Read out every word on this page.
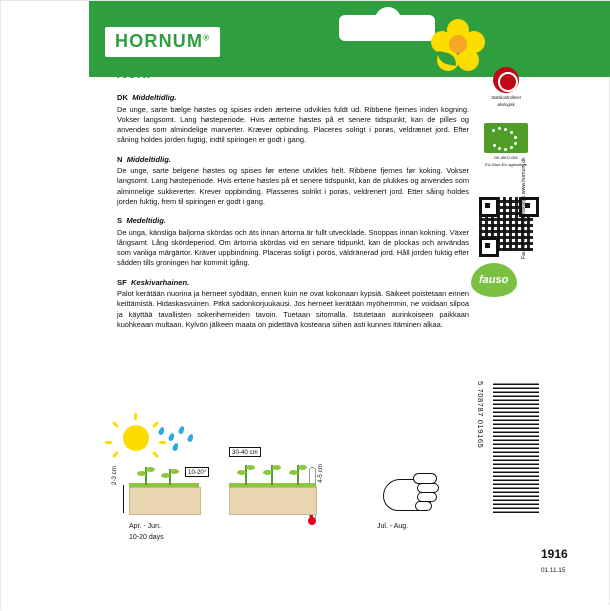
HORNUM®
Norli
DK Middeltidlig.
De unge, sarte bælge høstes og spises inden ærterne udvikles fuldt ud. Ribbene fjernes inden kogning. Vokser langsomt. Lang høsteperiode. Hvis ærterne høstes på et senere tidspunkt, kan de pilles og anvendes som almindelige marverter. Kræver opbinding. Placeres solrigt i porøs, veldrænet jord. Efter såning holdes jorden fugtig, indtil spiringen er godt i gang.
N Middeltidlig.
De unge, sarte belgene høstes og spises før ertene utvikles helt. Ribbene fjernes før koking. Vokser langsomt. Lang høsteperiode. Hvis ertene høstes på et senere tidspunkt, kan de plukkes og anvendes som alminnelige sukkererter. Krever oppbinding. Plasseres solrikt i porøs, veldrenert jord. Etter såing holdes jorden fuktig, frem til spiringen er godt i gang.
S Medeltidig.
De unga, känsliga baljorna skördas och äts innan ärtorna är fullt utvecklade. Snoppas innan kokning. Växer långsamt. Lång skördeperiod. Om ärtorna skördas vid en senare tidpunkt, kan de plockas och användas som vanliga märgärtor. Kräver uppbindning. Placeras soligt i porös, väldränerad jord. Håll jorden fuktig efter sådden tills groningen har kommit igång.
SF Keskivarhainen.
Palot kerätään nuorina ja herneet syödään, ennen kuin ne ovat kokonaan kypsiä. Säikeet poistetaan ennen keittämistä. Hidaskasvuinen. Pitkä sadonkorjuukausi. Jos herneet kerätään myöhemmin, ne voidaan silpoa ja käyttää tavallisten sokeriherneiden tavoin. Tuetaan sitomalla. Istutetaan aurinkoiseen paikkaan kuohkeaan multaan. Kylvön jälkeen maata on pidettävä kosteana siihen asti kunnes itäminen alkaa.
Statskontrolleret
økologisk
DK-ØKO-050
EU-/Non-EU agriculture
fauso
Fauso A/S Neergaardsvej 1 www.hornum.dk
5 708787 019165
2-3 cm	10-20°
30-40 cm
4-5 cm
Apr. - Jun.
10-20 days
Jul. - Aug.
1916
01.11.15
